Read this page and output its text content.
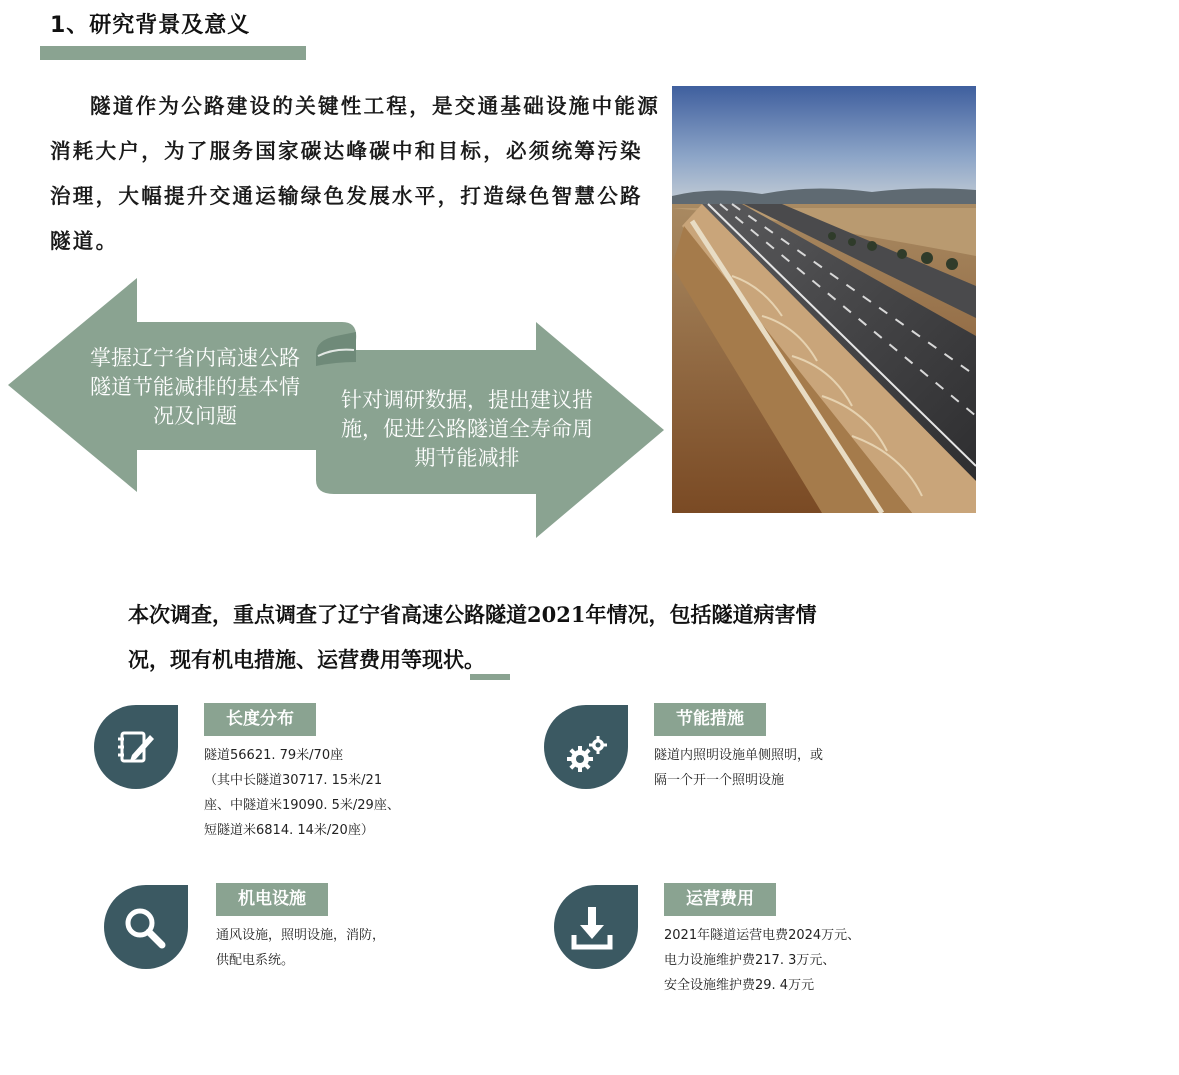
1、研究背景及意义
隧道作为公路建设的关键性工程，是交通基础设施中能源消耗大户，为了服务国家碳达峰碳中和目标，必须统筹污染治理，大幅提升交通运输绿色发展水平，打造绿色智慧公路隧道。
掌握辽宁省内高速公路隧道节能减排的基本情况及问题
针对调研数据，提出建议措施，促进公路隧道全寿命周期节能减排
本次调查，重点调查了辽宁省高速公路隧道2021年情况，包括隧道病害情况，现有机电措施、运营费用等现状。
长度分布
隧道56621. 79米/70座
（其中长隧道30717. 15米/21
座、中隧道米19090. 5米/29座、
短隧道米6814. 14米/20座）
节能措施
隧道内照明设施单侧照明，或
隔一个开一个照明设施
机电设施
通风设施，照明设施，消防，
供配电系统。
运营费用
2021年隧道运营电费2024万元、
电力设施维护费217. 3万元、
安全设施维护费29. 4万元
